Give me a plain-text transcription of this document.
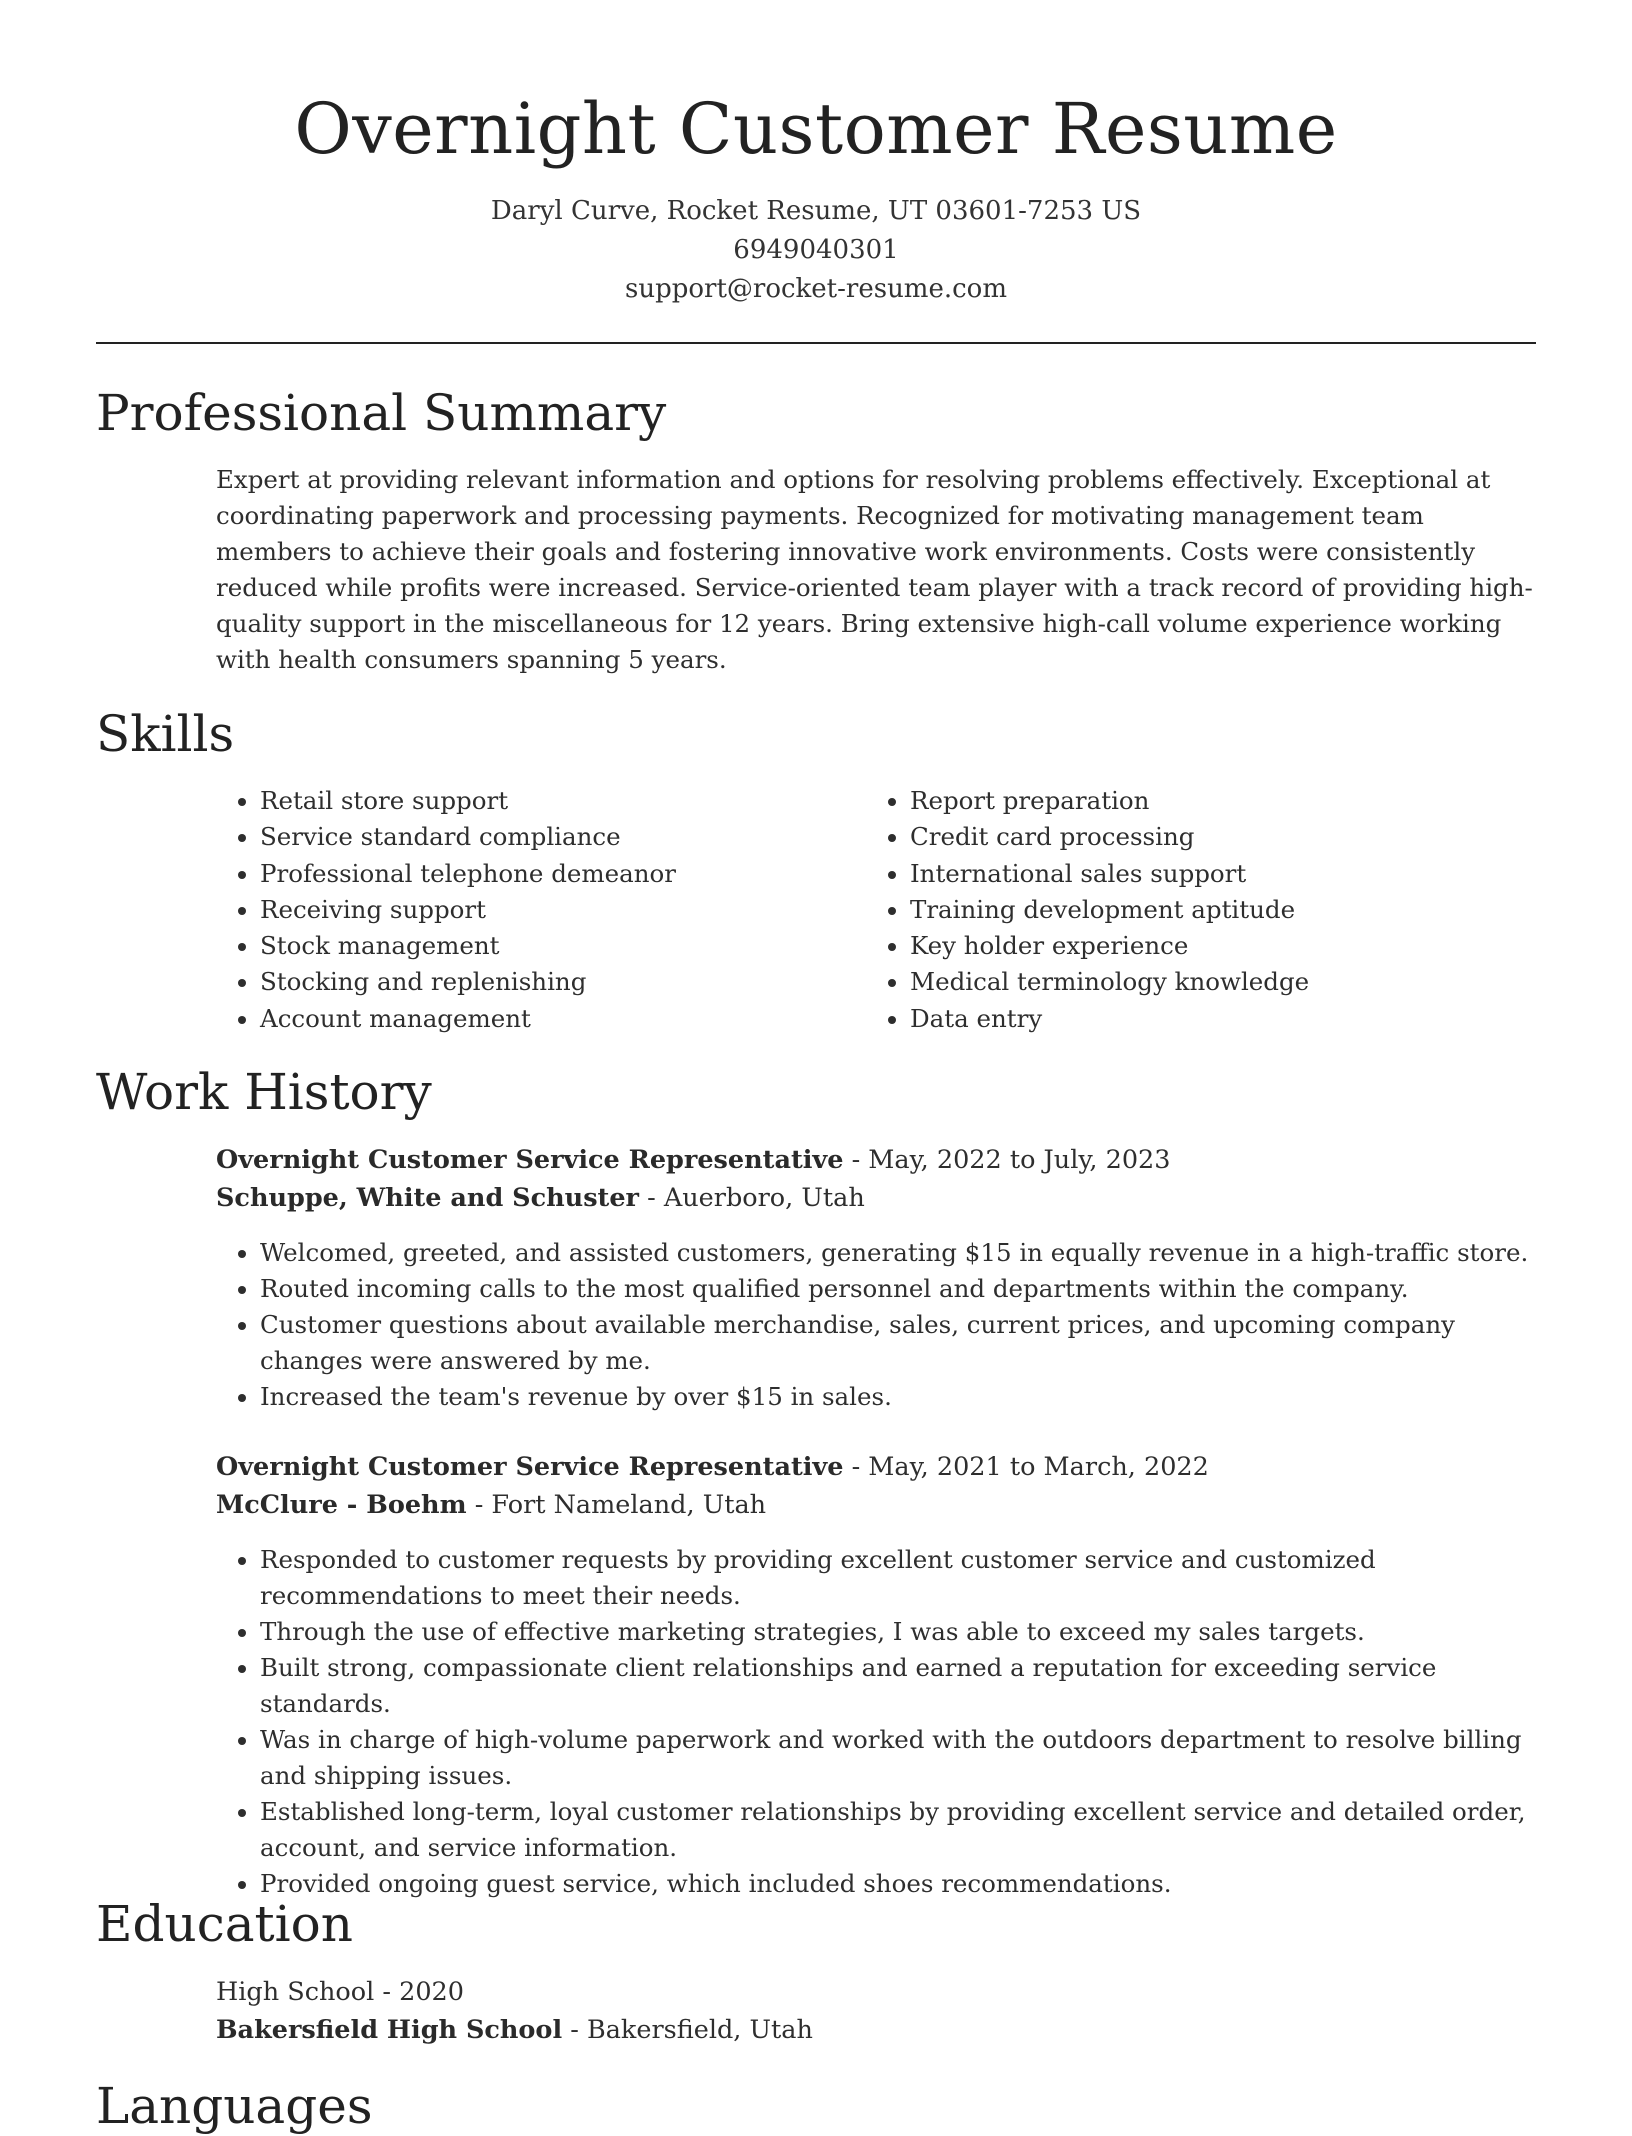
Overnight Customer Resume
Daryl Curve, Rocket Resume, UT 03601-7253 US
6949040301
support@rocket-resume.com
Professional Summary

Expert at providing relevant information and options for resolving problems effectively. Exceptional at coordinating paperwork and processing payments. Recognized for motivating management team members to achieve their goals and fostering innovative work environments. Costs were consistently reduced while profits were increased. Service-oriented team player with a track record of providing high-quality support in the miscellaneous for 12 years. Bring extensive high-call volume experience working with health consumers spanning 5 years.

Skills
• Retail store support
• Service standard compliance
• Professional telephone demeanor
• Receiving support
• Stock management
• Stocking and replenishing
• Account management
• Report preparation
• Credit card processing
• International sales support
• Training development aptitude
• Key holder experience
• Medical terminology knowledge
• Data entry
Work History
Overnight Customer Service Representative - May, 2022 to July, 2023
Schuppe, White and Schuster - Auerboro, Utah
• Welcomed, greeted, and assisted customers, generating $15 in equally revenue in a high-traffic store.
• Routed incoming calls to the most qualified personnel and departments within the company.
• Customer questions about available merchandise, sales, current prices, and upcoming company changes were answered by me.
• Increased the team's revenue by over $15 in sales.
Overnight Customer Service Representative - May, 2021 to March, 2022
McClure - Boehm - Fort Nameland, Utah
• Responded to customer requests by providing excellent customer service and customized recommendations to meet their needs.
• Through the use of effective marketing strategies, I was able to exceed my sales targets.
• Built strong, compassionate client relationships and earned a reputation for exceeding service standards.
• Was in charge of high-volume paperwork and worked with the outdoors department to resolve billing and shipping issues.
• Established long-term, loyal customer relationships by providing excellent service and detailed order, account, and service information.
• Provided ongoing guest service, which included shoes recommendations.
Education
High School - 2020
Bakersfield High School - Bakersfield, Utah
Languages
